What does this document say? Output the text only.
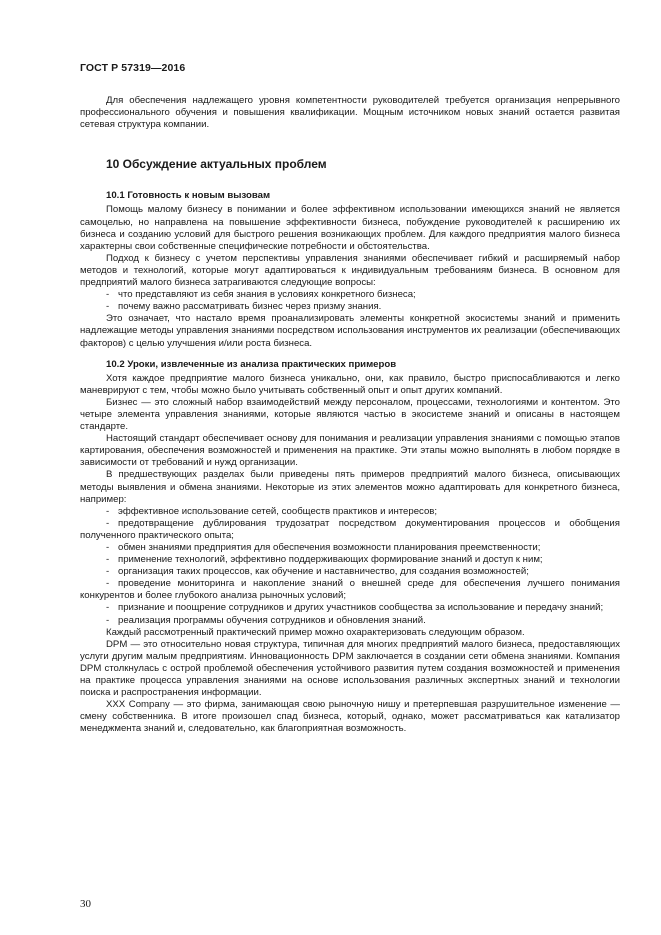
ГОСТ Р 57319—2016

Для обеспечения надлежащего уровня компетентности руководителей требуется организация непрерывного профессионального обучения и повышения квалификации. Мощным источником новых знаний остается развитая сетевая структура компании.

10 Обсуждение актуальных проблем
10.1 Готовность к новым вызовам

Помощь малому бизнесу в понимании и более эффективном использовании имеющихся знаний не является самоцелью, но направлена на повышение эффективности бизнеса, побуждение руководителей к расширению их бизнеса и созданию условий для быстрого решения возникающих проблем. Для каждого предприятия малого бизнеса характерны свои собственные специфические потребности и обстоятельства.

Подход к бизнесу с учетом перспективы управления знаниями обеспечивает гибкий и расширяемый набор методов и технологий, которые могут адаптироваться к индивидуальным требованиям бизнеса. В основном для предприятий малого бизнеса затрагиваются следующие вопросы:

- что представляют из себя знания в условиях конкретного бизнеса;
- почему важно рассматривать бизнес через призму знания.

Это означает, что настало время проанализировать элементы конкретной экосистемы знаний и применить надлежащие методы управления знаниями посредством использования инструментов их реализации (обеспечивающих факторов) с целью улучшения и/или роста бизнеса.

10.2 Уроки, извлеченные из анализа практических примеров

Хотя каждое предприятие малого бизнеса уникально, они, как правило, быстро приспосабливаются и легко маневрируют с тем, чтобы можно было учитывать собственный опыт и опыт других компаний.

Бизнес — это сложный набор взаимодействий между персоналом, процессами, технологиями и контентом. Это четыре элемента управления знаниями, которые являются частью в экосистеме знаний и описаны в настоящем стандарте.

Настоящий стандарт обеспечивает основу для понимания и реализации управления знаниями с помощью этапов картирования, обеспечения возможностей и применения на практике. Эти этапы можно выполнять в любом порядке в зависимости от требований и нужд организации.

В предшествующих разделах были приведены пять примеров предприятий малого бизнеса, описывающих методы выявления и обмена знаниями. Некоторые из этих элементов можно адаптировать для конкретного бизнеса, например:

- эффективное использование сетей, сообществ практиков и интересов;
- предотвращение дублирования трудозатрат посредством документирования процессов и обобщения полученного практического опыта;
- обмен знаниями предприятия для обеспечения возможности планирования преемственности;
- применение технологий, эффективно поддерживающих формирование знаний и доступ к ним;
- организация таких процессов, как обучение и наставничество, для создания возможностей;
- проведение мониторинга и накопление знаний о внешней среде для обеспечения лучшего понимания конкурентов и более глубокого анализа рыночных условий;
- признание и поощрение сотрудников и других участников сообщества за использование и передачу знаний;
- реализация программы обучения сотрудников и обновления знаний.

Каждый рассмотренный практический пример можно охарактеризовать следующим образом.

DPM — это относительно новая структура, типичная для многих предприятий малого бизнеса, предоставляющих услуги другим малым предприятиям. Инновационность DPM заключается в создании сети обмена знаниями. Компания DPM столкнулась с острой проблемой обеспечения устойчивого развития путем создания возможностей и применения на практике процесса управления знаниями на основе использования различных экспертных знаний и технологии поиска и распространения информации.

XXX Company — это фирма, занимающая свою рыночную нишу и претерпевшая разрушительное изменение — смену собственника. В итоге произошел спад бизнеса, который, однако, может рассматриваться как катализатор менеджмента знаний и, следовательно, как благоприятная возможность.

30
